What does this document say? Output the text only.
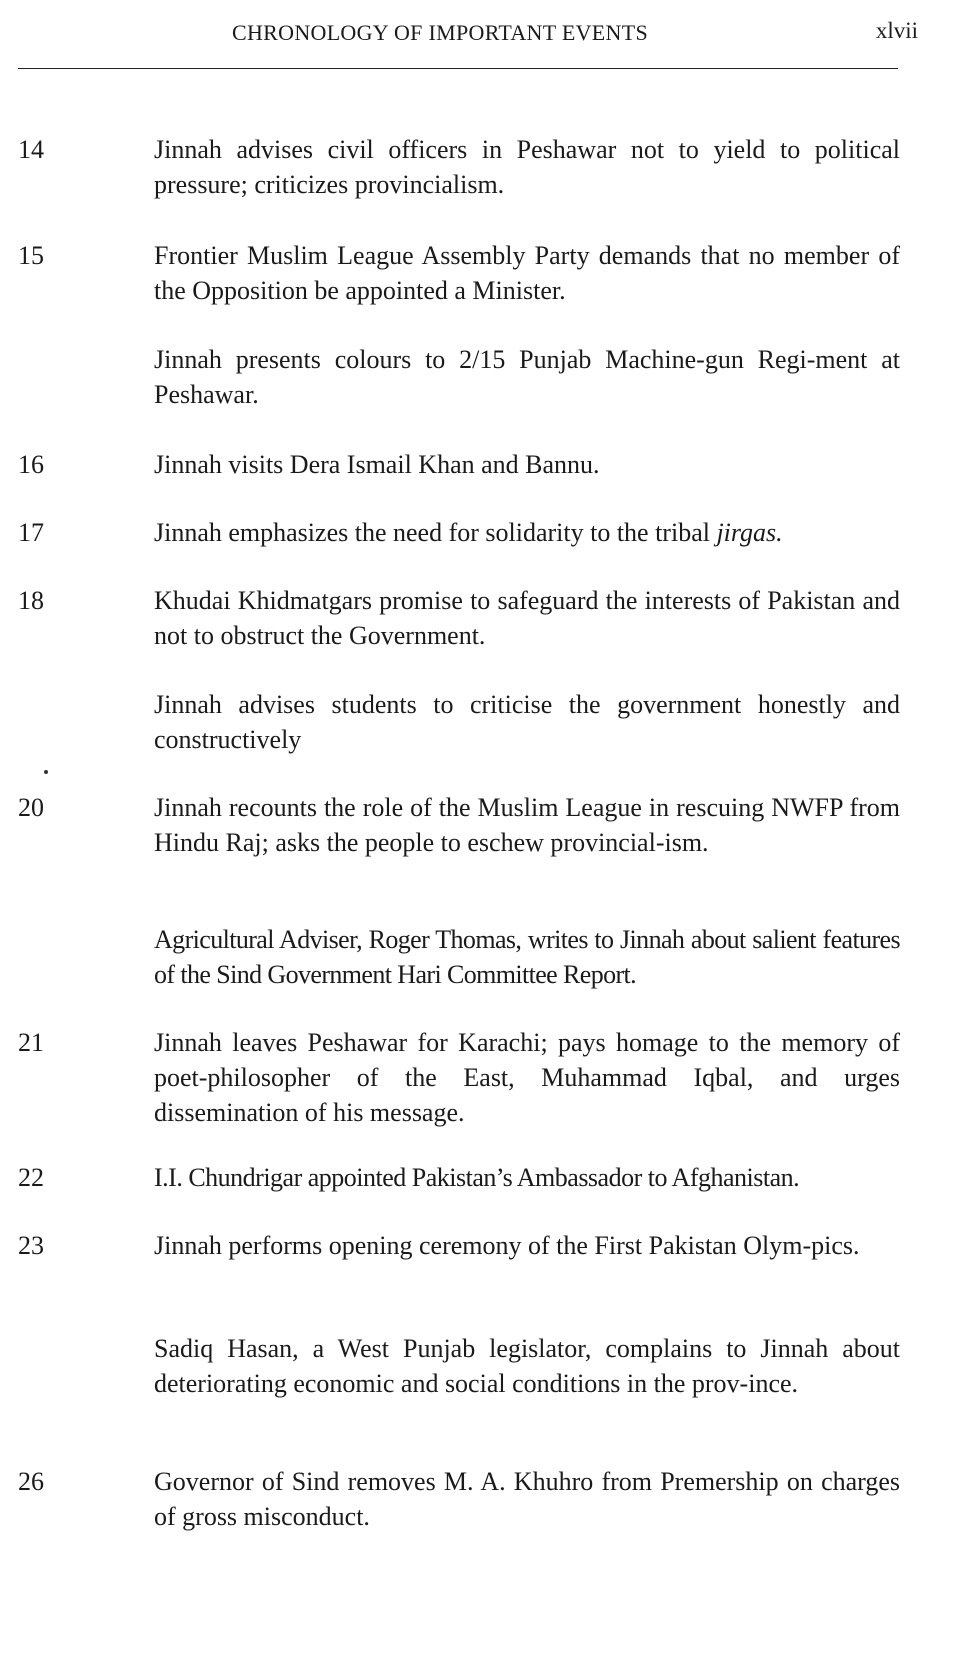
CHRONOLOGY OF IMPORTANT EVENTS	xlvii
14	Jinnah advises civil officers in Peshawar not to yield to political pressure; criticizes provincialism.
15	Frontier Muslim League Assembly Party demands that no member of the Opposition be appointed a Minister.
Jinnah presents colours to 2/15 Punjab Machine-gun Regi-ment at Peshawar.
16	Jinnah visits Dera Ismail Khan and Bannu.
17	Jinnah emphasizes the need for solidarity to the tribal jirgas.
18	Khudai Khidmatgars promise to safeguard the interests of Pakistan and not to obstruct the Government.
Jinnah advises students to criticise the government honestly and constructively
20	Jinnah recounts the role of the Muslim League in rescuing NWFP from Hindu Raj; asks the people to eschew provincial-ism.
Agricultural Adviser, Roger Thomas, writes to Jinnah about salient features of the Sind Government Hari Committee Report.
21	Jinnah leaves Peshawar for Karachi; pays homage to the memory of poet-philosopher of the East, Muhammad Iqbal, and urges dissemination of his message.
22	I.I. Chundrigar appointed Pakistan’s Ambassador to Afghanistan.
23	Jinnah performs opening ceremony of the First Pakistan Olym-pics.
Sadiq Hasan, a West Punjab legislator, complains to Jinnah about deteriorating economic and social conditions in the prov-ince.
26	Governor of Sind removes M. A. Khuhro from Premership on charges of gross misconduct.
